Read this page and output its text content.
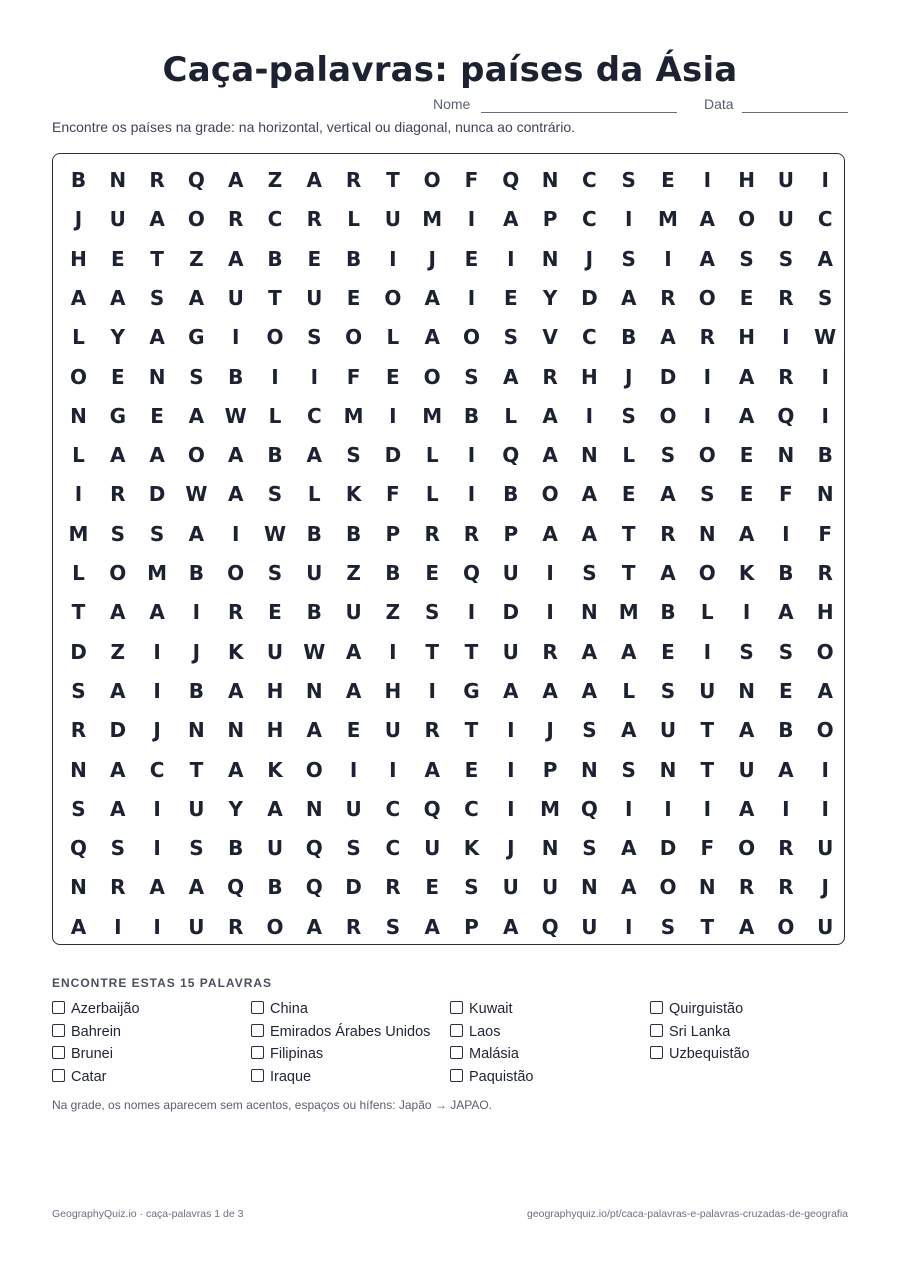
Caça-palavras: países da Ásia
Nome	Data
Encontre os países na grade: na horizontal, vertical ou diagonal, nunca ao contrário.
B	N	R	Q	A	Z	A	R	T	O	F	Q	N	C	S	E	I	H	U	I
J	U	A	O	R	C	R	L	U	M	I	A	P	C	I	M	A	O	U	C
H	E	T	Z	A	B	E	B	I	J	E	I	N	J	S	I	A	S	S	A
A	A	S	A	U	T	U	E	O	A	I	E	Y	D	A	R	O	E	R	S
L	Y	A	G	I	O	S	O	L	A	O	S	V	C	B	A	R	H	I	W
O	E	N	S	B	I	I	F	E	O	S	A	R	H	J	D	I	A	R	I
N	G	E	A	W	L	C	M	I	M	B	L	A	I	S	O	I	A	Q	I
L	A	A	O	A	B	A	S	D	L	I	Q	A	N	L	S	O	E	N	B
I	R	D W	A	S	L	K	F	L	I	B	O	A	E	A	S	E	F	N
M	S	S	A	I	W	B	B	P	R	R	P	A	A	T	R	N	A	I	F
L	O	M	B	O	S	U	Z	B	E	Q	U	I	S	T	A	O	K	B	R
T	A	A	I	R	E	B	U	Z	S	I	D	I	N	M	B	L	I	A	H
D	Z	I	J	K	U	W	A	I	T	T	U	R	A	A	E	I	S	S	O
S	A	I	B	A	H	N	A	H	I	G	A	A	A	L	S	U	N	E	A
R	D	J	N	N	H	A	E	U	R	T	I	J	S	A	U	T	A	B	O
N	A	C	T	A	K	O	I	I	A	E	I	P	N	S	N	T	U	A	I
S	A	I	U	Y	A	N	U	C	Q	C	I	M	Q	I	I	I	A	I	I
Q	S	I	S	B	U	Q	S	C	U	K	J	N	S	A	D	F	O	R	U
N	R	A	A	Q	B	Q	D	R	E	S	U	U	N	A	O	N	R	R	J
A	I	I	U	R	O	A	R	S	A	P	A	Q	U	I	S	T	A	O	U
ENCONTRE ESTAS 15 PALAVRAS
Azerbaijão
Bahrein
Brunei
Catar
China
Emirados Árabes Unidos
Filipinas
Iraque
Kuwait
Laos
Malásia
Paquistão
Quirguistão
Sri Lanka
Uzbequistão
Na grade, os nomes aparecem sem acentos, espaços ou hífens: Japão → JAPAO.
GeographyQuiz.io · caça-palavras 1 de 3	geographyquiz.io/pt/caca-palavras-e-palavras-cruzadas-de-geografia
